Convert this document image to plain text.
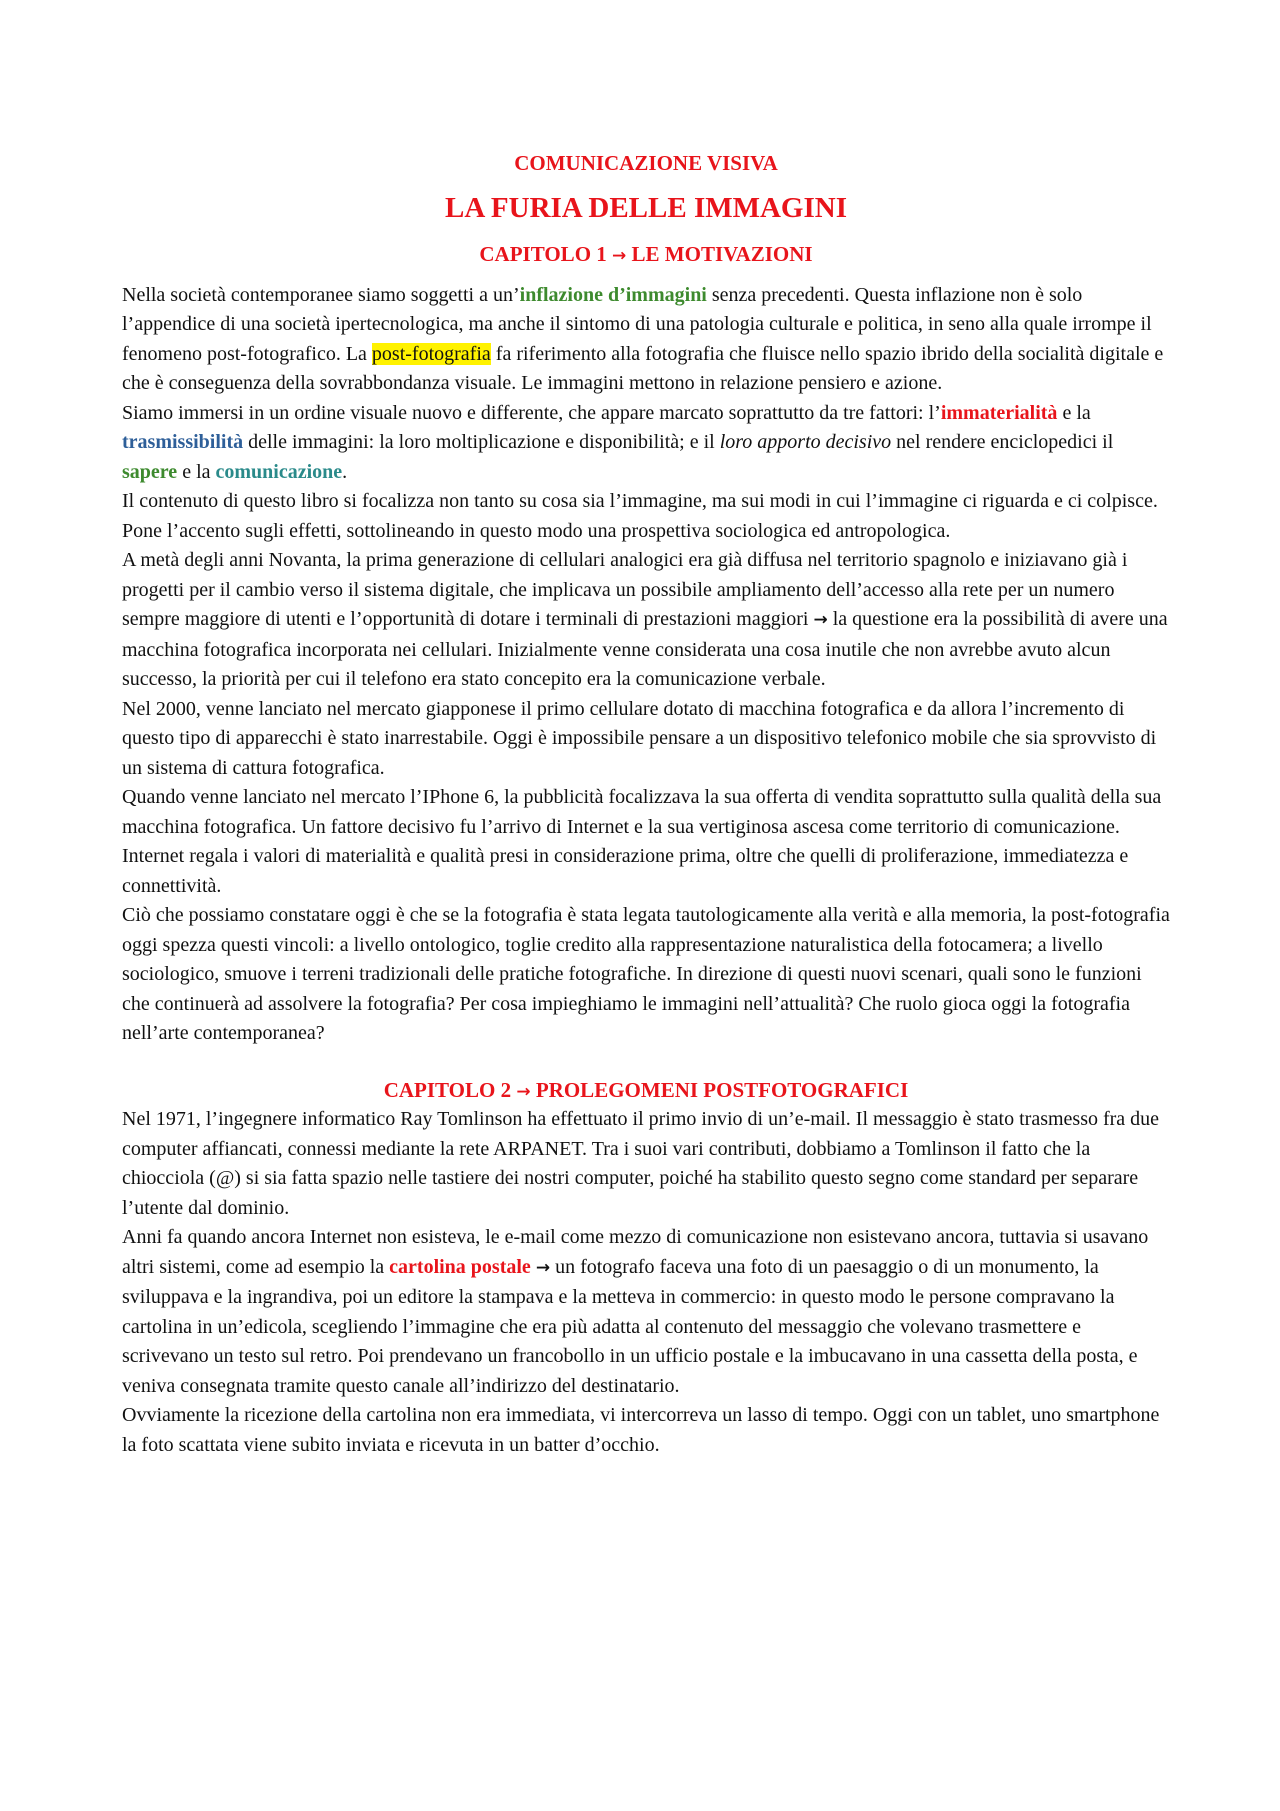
COMUNICAZIONE VISIVA
LA FURIA DELLE IMMAGINI
CAPITOLO 1 → LE MOTIVAZIONI

Nella società contemporanee siamo soggetti a un’inflazione d’immagini senza precedenti. Questa inflazione non è solo l’appendice di una società ipertecnologica, ma anche il sintomo di una patologia culturale e politica, in seno alla quale irrompe il fenomeno post-fotografico. La post-fotografia fa riferimento alla fotografia che fluisce nello spazio ibrido della socialità digitale e che è conseguenza della sovrabbondanza visuale. Le immagini mettono in relazione pensiero e azione.

Siamo immersi in un ordine visuale nuovo e differente, che appare marcato soprattutto da tre fattori: l’immaterialità e la trasmissibilità delle immagini: la loro moltiplicazione e disponibilità; e il loro apporto decisivo nel rendere enciclopedici il sapere e la comunicazione.

Il contenuto di questo libro si focalizza non tanto su cosa sia l’immagine, ma sui modi in cui l’immagine ci riguarda e ci colpisce. Pone l’accento sugli effetti, sottolineando in questo modo una prospettiva sociologica ed antropologica.

A metà degli anni Novanta, la prima generazione di cellulari analogici era già diffusa nel territorio spagnolo e iniziavano già i progetti per il cambio verso il sistema digitale, che implicava un possibile ampliamento dell’accesso alla rete per un numero sempre maggiore di utenti e l’opportunità di dotare i terminali di prestazioni maggiori → la questione era la possibilità di avere una macchina fotografica incorporata nei cellulari. Inizialmente venne considerata una cosa inutile che non avrebbe avuto alcun successo, la priorità per cui il telefono era stato concepito era la comunicazione verbale.

Nel 2000, venne lanciato nel mercato giapponese il primo cellulare dotato di macchina fotografica e da allora l’incremento di questo tipo di apparecchi è stato inarrestabile. Oggi è impossibile pensare a un dispositivo telefonico mobile che sia sprovvisto di un sistema di cattura fotografica.

Quando venne lanciato nel mercato l’IPhone 6, la pubblicità focalizzava la sua offerta di vendita soprattutto sulla qualità della sua macchina fotografica. Un fattore decisivo fu l’arrivo di Internet e la sua vertiginosa ascesa come territorio di comunicazione. Internet regala i valori di materialità e qualità presi in considerazione prima, oltre che quelli di proliferazione, immediatezza e connettività.

Ciò che possiamo constatare oggi è che se la fotografia è stata legata tautologicamente alla verità e alla memoria, la post-fotografia oggi spezza questi vincoli: a livello ontologico, toglie credito alla rappresentazione naturalistica della fotocamera; a livello sociologico, smuove i terreni tradizionali delle pratiche fotografiche. In direzione di questi nuovi scenari, quali sono le funzioni che continuerà ad assolvere la fotografia? Per cosa impieghiamo le immagini nell’attualità? Che ruolo gioca oggi la fotografia nell’arte contemporanea?

CAPITOLO 2 → PROLEGOMENI POSTFOTOGRAFICI

Nel 1971, l’ingegnere informatico Ray Tomlinson ha effettuato il primo invio di un’e-mail. Il messaggio è stato trasmesso fra due computer affiancati, connessi mediante la rete ARPANET. Tra i suoi vari contributi, dobbiamo a Tomlinson il fatto che la chiocciola (@) si sia fatta spazio nelle tastiere dei nostri computer, poiché ha stabilito questo segno come standard per separare l’utente dal dominio.

Anni fa quando ancora Internet non esisteva, le e-mail come mezzo di comunicazione non esistevano ancora, tuttavia si usavano altri sistemi, come ad esempio la cartolina postale → un fotografo faceva una foto di un paesaggio o di un monumento, la sviluppava e la ingrandiva, poi un editore la stampava e la metteva in commercio: in questo modo le persone compravano la cartolina in un’edicola, scegliendo l’immagine che era più adatta al contenuto del messaggio che volevano trasmettere e scrivevano un testo sul retro. Poi prendevano un francobollo in un ufficio postale e la imbucavano in una cassetta della posta, e veniva consegnata tramite questo canale all’indirizzo del destinatario.

Ovviamente la ricezione della cartolina non era immediata, vi intercorreva un lasso di tempo. Oggi con un tablet, uno smartphone la foto scattata viene subito inviata e ricevuta in un batter d’occhio.
